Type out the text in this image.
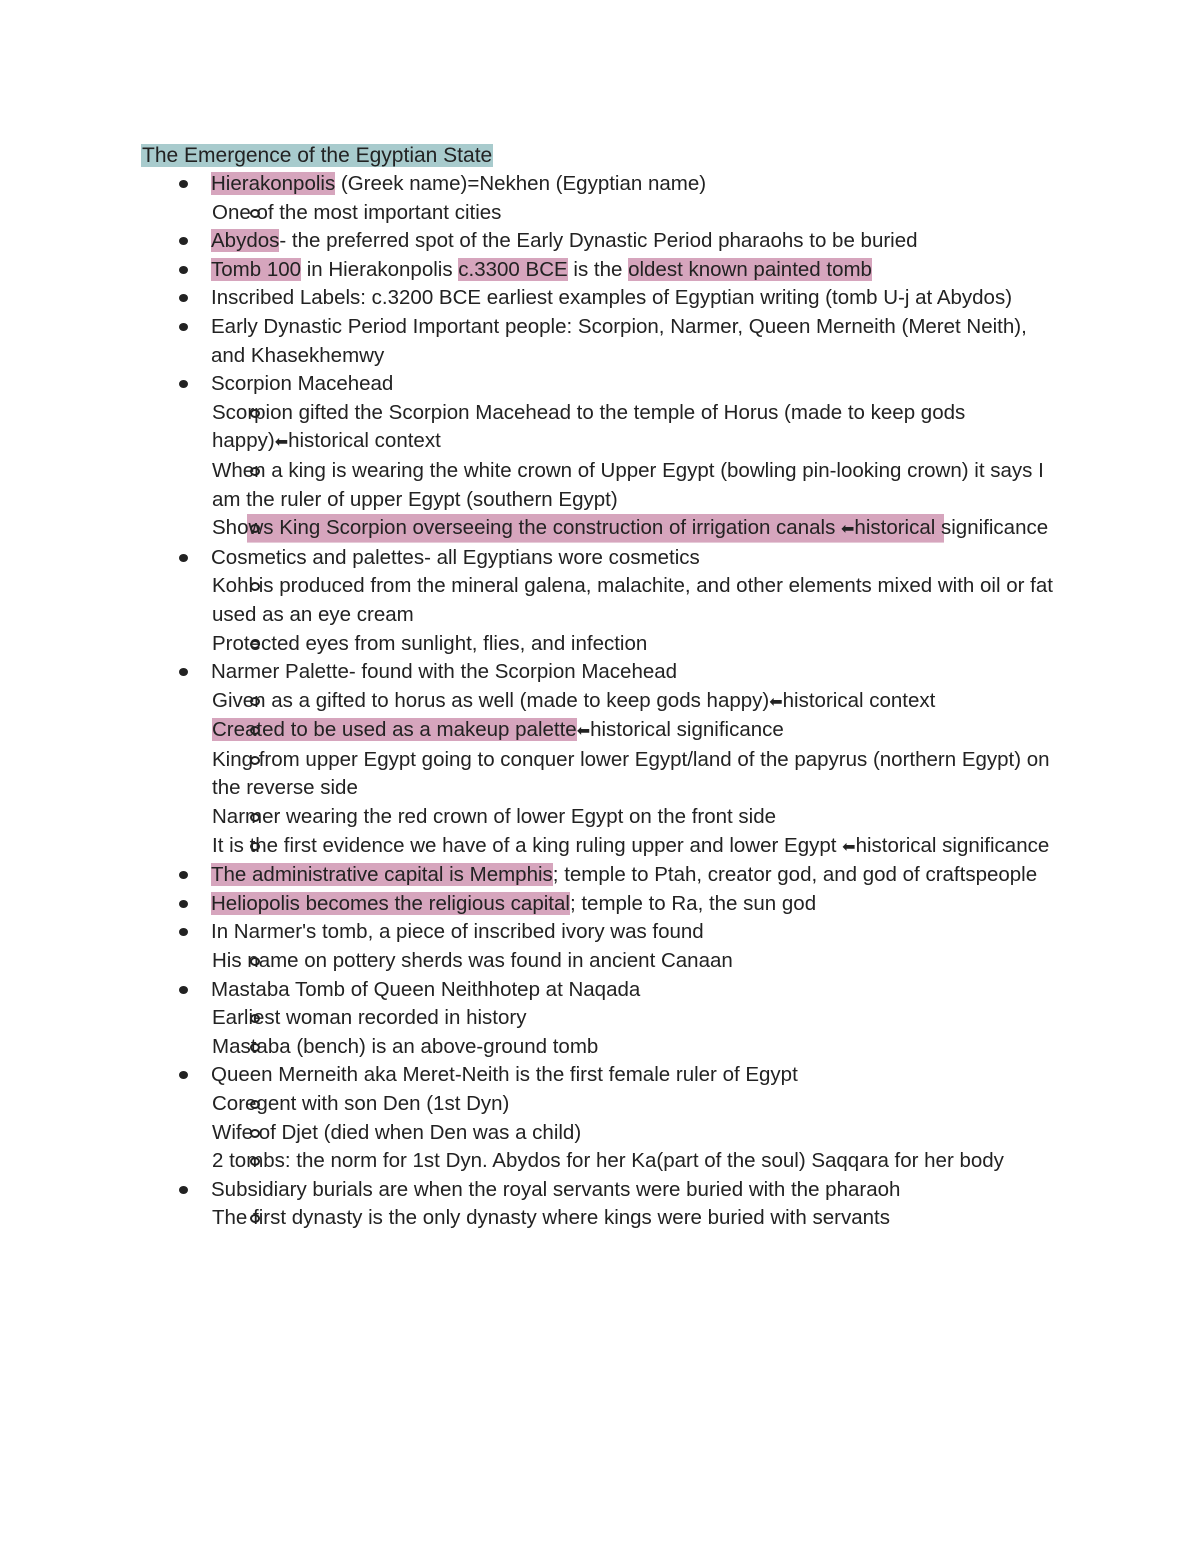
The Emergence of the Egyptian State

Hierakonpolis (Greek name)=Nekhen (Egyptian name)
One of the most important cities
Abydos- the preferred spot of the Early Dynastic Period pharaohs to be buried
Tomb 100 in Hierakonpolis c.3300 BCE is the oldest known painted tomb
Inscribed Labels: c.3200 BCE earliest examples of Egyptian writing (tomb U-j at Abydos)
Early Dynastic Period Important people: Scorpion, Narmer, Queen Merneith (Meret Neith), and Khasekhemwy
Scorpion Macehead
Scorpion gifted the Scorpion Macehead to the temple of Horus (made to keep gods happy)⬅historical context
When a king is wearing the white crown of Upper Egypt (bowling pin-looking crown) it says I am the ruler of upper Egypt (southern Egypt)
Shows King Scorpion overseeing the construction of irrigation canals ⬅historical significance
Cosmetics and palettes- all Egyptians wore cosmetics
Kohl is produced from the mineral galena, malachite, and other elements mixed with oil or fat used as an eye cream
Protected eyes from sunlight, flies, and infection
Narmer Palette- found with the Scorpion Macehead
Given as a gifted to horus as well (made to keep gods happy)⬅historical context
Created to be used as a makeup palette⬅historical significance
King from upper Egypt going to conquer lower Egypt/land of the papyrus (northern Egypt) on the reverse side
Narmer wearing the red crown of lower Egypt on the front side
It is the first evidence we have of a king ruling upper and lower Egypt ⬅historical significance
The administrative capital is Memphis; temple to Ptah, creator god, and god of craftspeople
Heliopolis becomes the religious capital; temple to Ra, the sun god
In Narmer's tomb, a piece of inscribed ivory was found
His name on pottery sherds was found in ancient Canaan
Mastaba Tomb of Queen Neithhotep at Naqada
Earliest woman recorded in history
Mastaba (bench) is an above-ground tomb
Queen Merneith aka Meret-Neith is the first female ruler of Egypt
Coregent with son Den (1st Dyn)
Wife of Djet (died when Den was a child)
2 tombs: the norm for 1st Dyn. Abydos for her Ka(part of the soul) Saqqara for her body
Subsidiary burials are when the royal servants were buried with the pharaoh
The first dynasty is the only dynasty where kings were buried with servants
